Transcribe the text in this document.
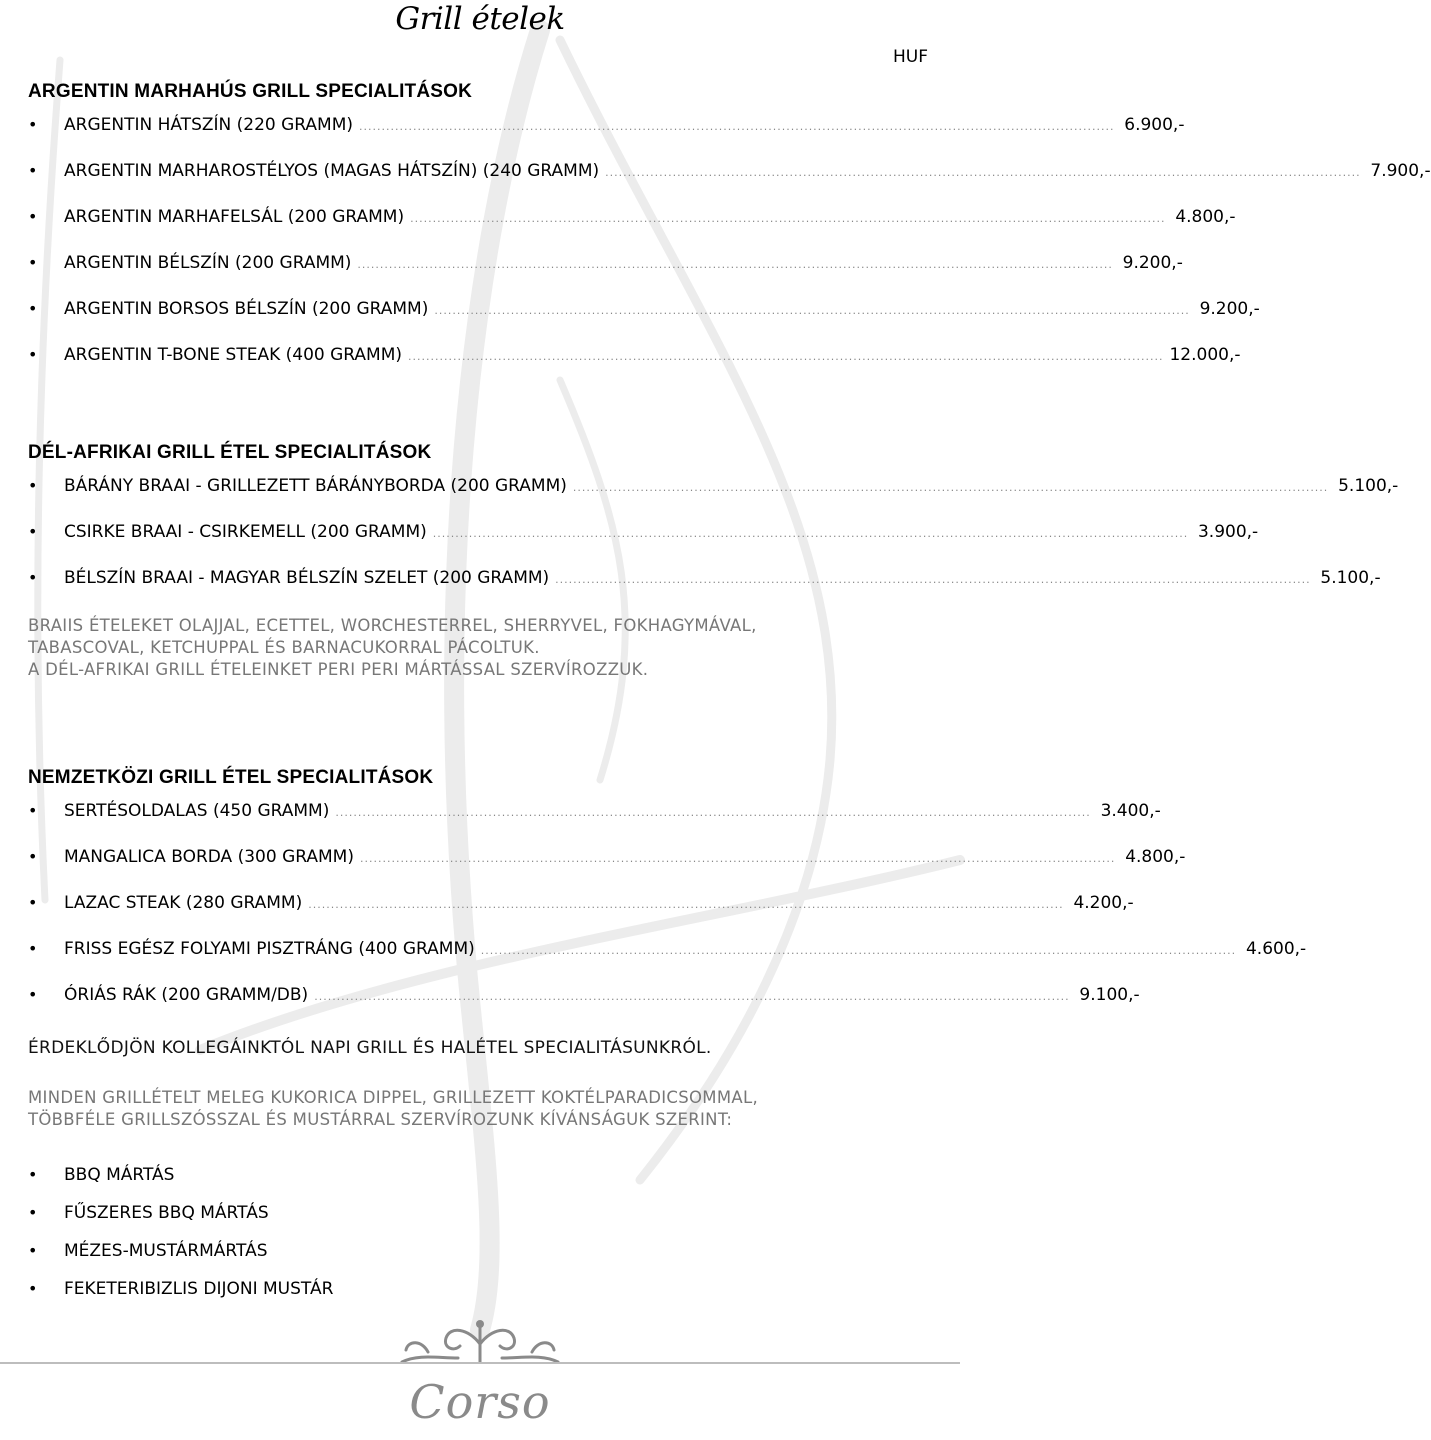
Grill ételek
HUF
ARGENTIN MARHAHÚS GRILL SPECIALITÁSOK
•	ARGENTIN HÁTSZÍN (220 GRAMM) ........................................................................................................................................................................ 6.900,-
•	ARGENTIN MARHAROSTÉLYOS (MAGAS HÁTSZÍN) (240 GRAMM) ........................................................................................................................................................................ 7.900,-
•	ARGENTIN MARHAFELSÁL (200 GRAMM) ........................................................................................................................................................................ 4.800,-
•	ARGENTIN BÉLSZÍN (200 GRAMM) ........................................................................................................................................................................ 9.200,-
•	ARGENTIN BORSOS BÉLSZÍN (200 GRAMM) ........................................................................................................................................................................ 9.200,-
•	ARGENTIN T-BONE STEAK (400 GRAMM) ........................................................................................................................................................................ 12.000,-
DÉL-AFRIKAI GRILL ÉTEL SPECIALITÁSOK
•	BÁRÁNY BRAAI - GRILLEZETT BÁRÁNYBORDA (200 GRAMM) ........................................................................................................................................................................ 5.100,-
•	CSIRKE BRAAI - CSIRKEMELL (200 GRAMM) ........................................................................................................................................................................ 3.900,-
•	BÉLSZÍN BRAAI - MAGYAR BÉLSZÍN SZELET (200 GRAMM) ........................................................................................................................................................................ 5.100,-

BRAIIS ÉTELEKET OLAJJAL, ECETTEL, WORCHESTERREL, SHERRYVEL, FOKHAGYMÁVAL,

TABASCOVAL, KETCHUPPAL ÉS BARNACUKORRAL PÁCOLTUK.

A DÉL-AFRIKAI GRILL ÉTELEINKET PERI PERI MÁRTÁSSAL SZERVÍROZZUK.

NEMZETKÖZI GRILL ÉTEL SPECIALITÁSOK
•	SERTÉSOLDALAS (450 GRAMM) ........................................................................................................................................................................ 3.400,-
•	MANGALICA BORDA (300 GRAMM) ........................................................................................................................................................................ 4.800,-
•	LAZAC STEAK (280 GRAMM) ........................................................................................................................................................................ 4.200,-
•	FRISS EGÉSZ FOLYAMI PISZTRÁNG (400 GRAMM) ........................................................................................................................................................................ 4.600,-
•	ÓRIÁS RÁK (200 GRAMM/DB) ........................................................................................................................................................................ 9.100,-

ÉRDEKLŐDJÖN KOLLEGÁINKTÓL NAPI GRILL ÉS HALÉTEL SPECIALITÁSUNKRÓL.

MINDEN GRILLÉTELT MELEG KUKORICA DIPPEL, GRILLEZETT KOKTÉLPARADICSOMMAL,

TÖBBFÉLE GRILLSZÓSSZAL ÉS MUSTÁRRAL SZERVÍROZUNK KÍVÁNSÁGUK SZERINT:

•	BBQ MÁRTÁS
•	FŰSZERES BBQ MÁRTÁS
•	MÉZES-MUSTÁRMÁRTÁS
•	FEKETERIBIZLIS DIJONI MUSTÁR
Corso
